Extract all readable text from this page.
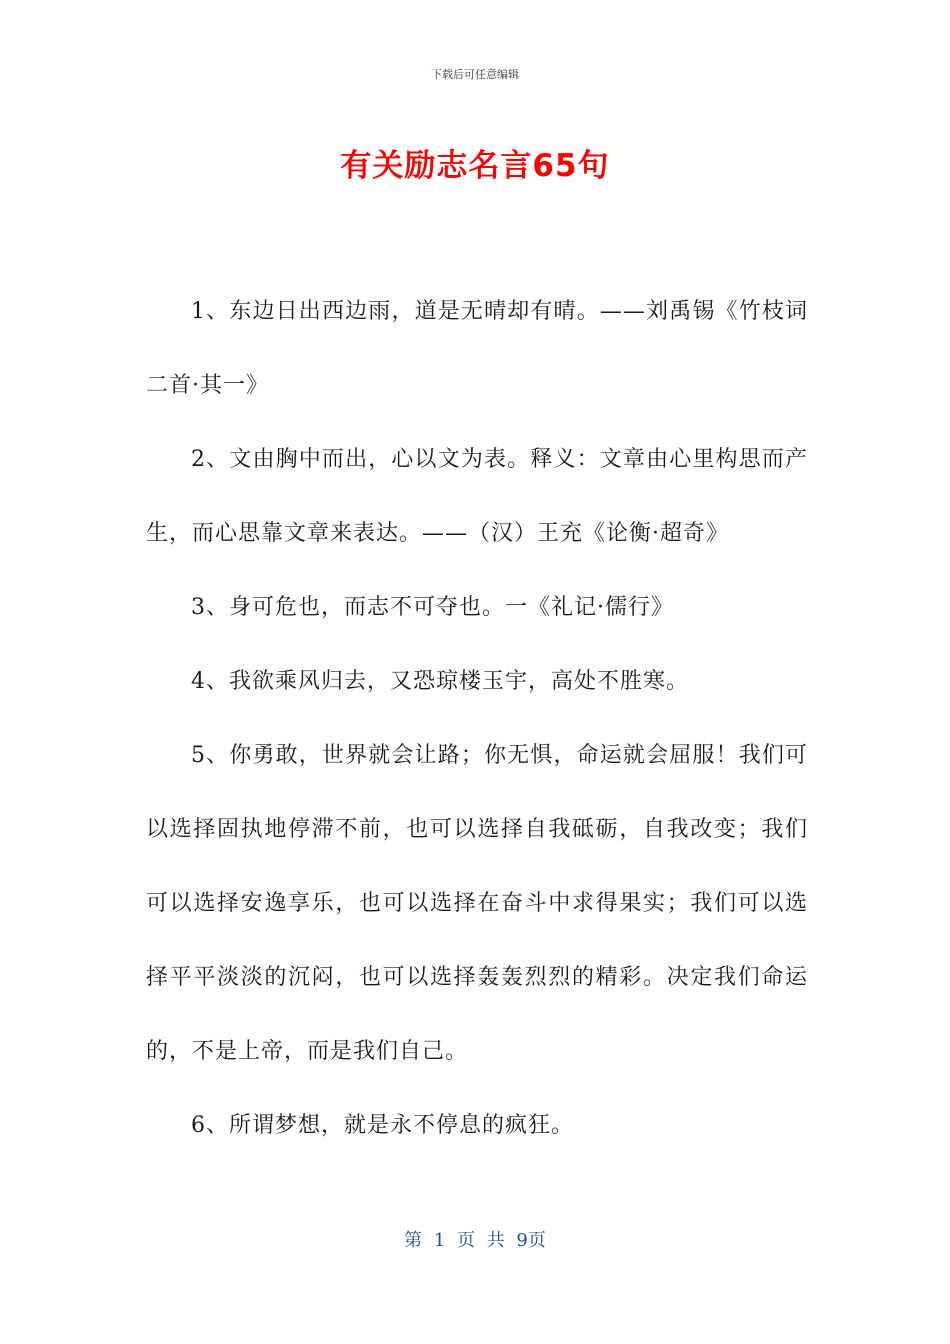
下载后可任意编辑
有关励志名言65句

1、东边日出西边雨，道是无晴却有晴。——刘禹锡《竹枝词二首·其一》

2、文由胸中而出，心以文为表。释义：文章由心里构思而产生，而心思靠文章来表达。——（汉）王充《论衡·超奇》

3、身可危也，而志不可夺也。一《礼记·儒行》

4、我欲乘风归去，又恐琼楼玉宇，高处不胜寒。

5、你勇敢，世界就会让路；你无惧，命运就会屈服！我们可以选择固执地停滞不前，也可以选择自我砥砺，自我改变；我们可以选择安逸享乐，也可以选择在奋斗中求得果实；我们可以选择平平淡淡的沉闷，也可以选择轰轰烈烈的精彩。决定我们命运的，不是上帝，而是我们自己。

6、所谓梦想，就是永不停息的疯狂。

第 1 页 共 9页
